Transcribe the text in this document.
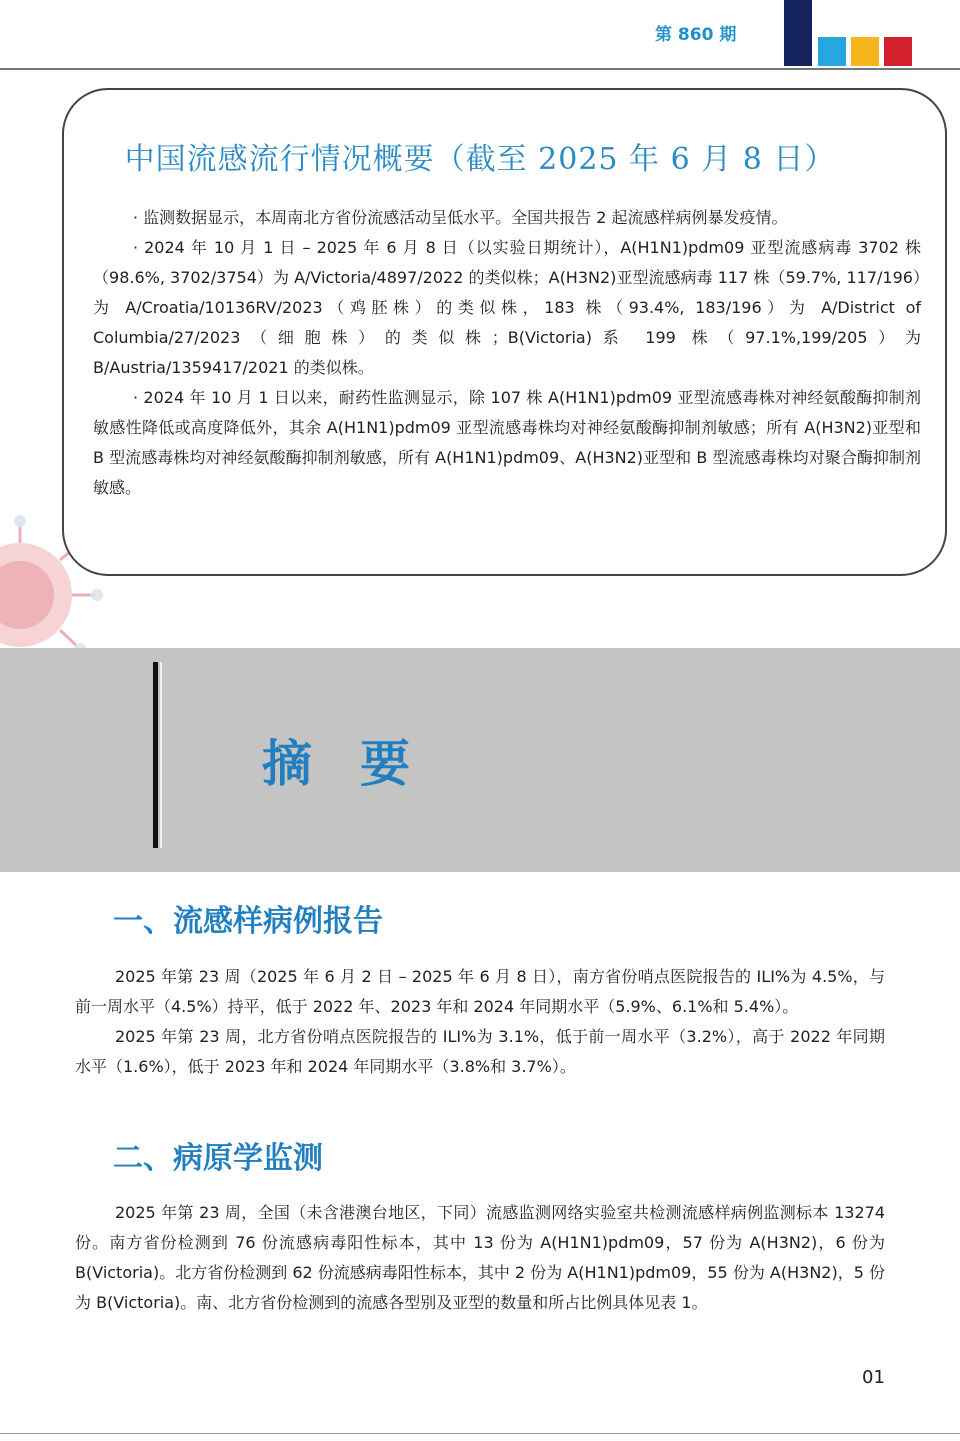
第 860 期
中国流感流行情况概要（截至 2025 年 6 月 8 日）

· 监测数据显示，本周南北方省份流感活动呈低水平。全国共报告 2 起流感样病例暴发疫情。

· 2024 年 10 月 1 日 – 2025 年 6 月 8 日（以实验日期统计），A(H1N1)pdm09 亚型流感病毒 3702 株（98.6%, 3702/3754）为 A/Victoria/4897/2022 的类似株；A(H3N2)亚型流感病毒 117 株（59.7%, 117/196）为 A/Croatia/10136RV/2023（鸡胚株）的类似株，183 株（93.4%, 183/196）为 A/District of Columbia/27/2023（细胞株）的类似株；B(Victoria)系 199 株（97.1%,199/205）为 B/Austria/1359417/2021 的类似株。

· 2024 年 10 月 1 日以来，耐药性监测显示，除 107 株 A(H1N1)pdm09 亚型流感毒株对神经氨酸酶抑制剂敏感性降低或高度降低外，其余 A(H1N1)pdm09 亚型流感毒株均对神经氨酸酶抑制剂敏感；所有 A(H3N2)亚型和 B 型流感毒株均对神经氨酸酶抑制剂敏感，所有 A(H1N1)pdm09、A(H3N2)亚型和 B 型流感毒株均对聚合酶抑制剂敏感。

摘要
一、流感样病例报告

2025 年第 23 周（2025 年 6 月 2 日 – 2025 年 6 月 8 日），南方省份哨点医院报告的 ILI%为 4.5%，与前一周水平（4.5%）持平，低于 2022 年、2023 年和 2024 年同期水平（5.9%、6.1%和 5.4%）。

2025 年第 23 周，北方省份哨点医院报告的 ILI%为 3.1%，低于前一周水平（3.2%），高于 2022 年同期水平（1.6%），低于 2023 年和 2024 年同期水平（3.8%和 3.7%）。

二、病原学监测

2025 年第 23 周，全国（未含港澳台地区，下同）流感监测网络实验室共检测流感样病例监测标本 13274 份。南方省份检测到 76 份流感病毒阳性标本，其中 13 份为 A(H1N1)pdm09，57 份为 A(H3N2)，6 份为 B(Victoria)。北方省份检测到 62 份流感病毒阳性标本，其中 2 份为 A(H1N1)pdm09，55 份为 A(H3N2)，5 份为 B(Victoria)。南、北方省份检测到的流感各型别及亚型的数量和所占比例具体见表 1。

01
